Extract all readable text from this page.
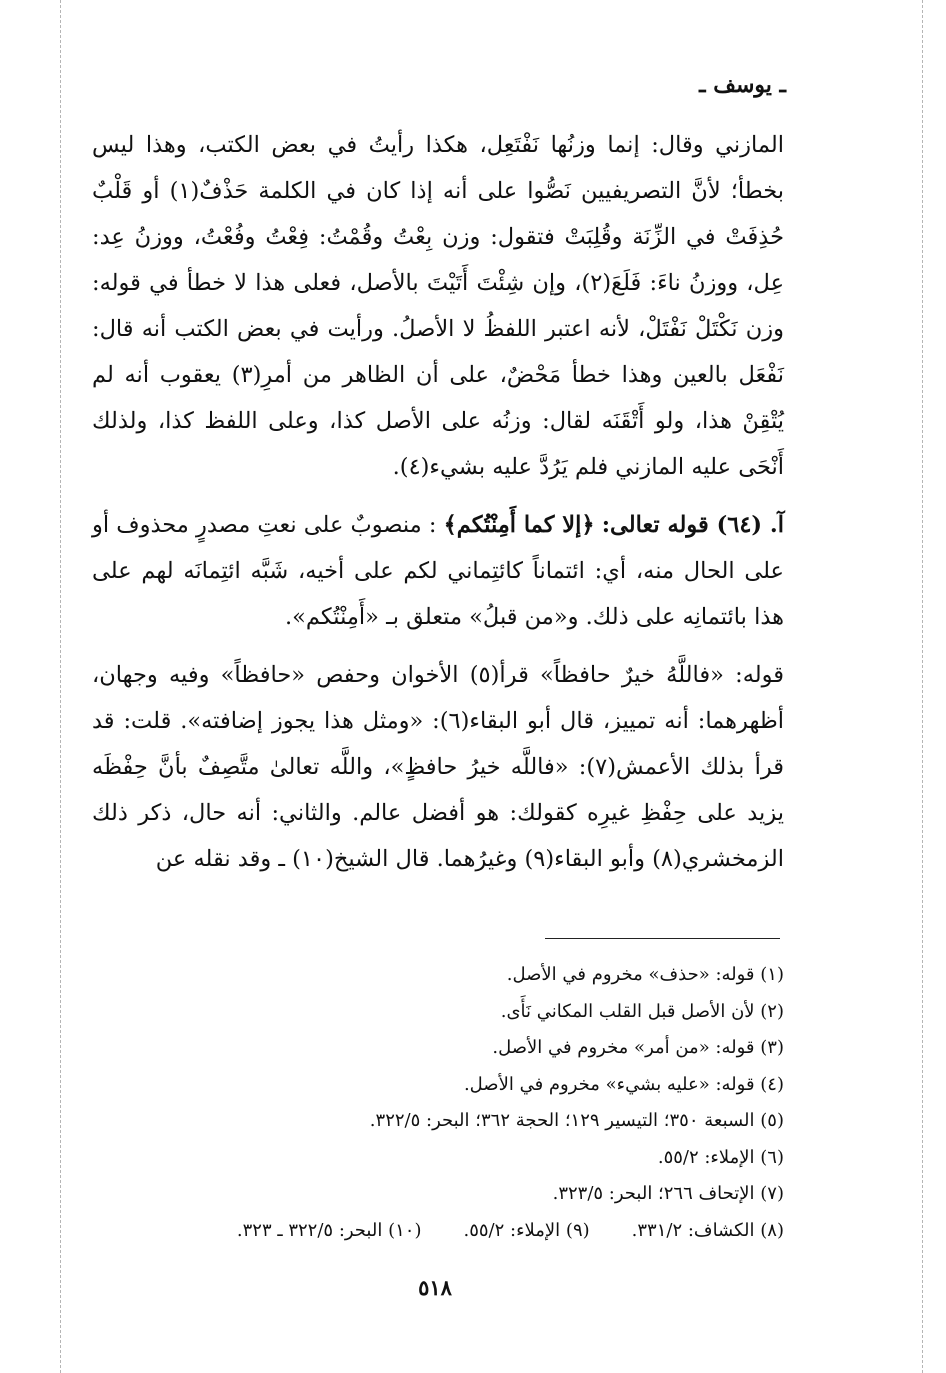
ـ يوسف ـ

المازني وقال: إنما وزنُها نَفْتَعِل، هكذا رأيتُ في بعض الكتب، وهذا ليس بخطأ؛ لأنَّ التصريفيين نَصُّوا على أنه إذا كان في الكلمة حَذْفٌ(١) أو قَلْبٌ حُذِفَتْ في الزِّنَة وقُلِبَتْ فتقول: وزن بِعْتُ وقُمْتُ: فِعْتُ وفُعْتُ، ووزنُ عِد: عِل، ووزنُ ناءَ: فَلَعَ(٢)، وإن شِئْتَ أَتَيْتَ بالأصل، فعلى هذا لا خطأ في قوله: وزن نَكْتَلْ نَفْتَلْ، لأنه اعتبر اللفظُ لا الأصلُ. ورأيت في بعض الكتب أنه قال: نَفْعَل بالعين وهذا خطأ مَحْضٌ، على أن الظاهر من أمرِ(٣) يعقوب أنه لم يُتْقِنْ هذا، ولو أَتْقَنَه لقال: وزنُه على الأصل كذا، وعلى اللفظ كذا، ولذلك أَنْحَى عليه المازني فلم يَرُدَّ عليه بشيء(٤).

آ. (٦٤) قوله تعالى: ﴿إلا كما أَمِنْتُكم﴾ : منصوبٌ على نعتِ مصدرٍ محذوف أو على الحال منه، أي: ائتماناً كائتِماني لكم على أخيه، شَبَّه ائتِمانَه لهم على هذا بائتمانِه على ذلك. و«من قبلُ» متعلق بـ «أَمِنْتُكم».

قوله: «فاللَّهُ خيرٌ حافظاً» قرأ(٥) الأخوان وحفص «حافظاً» وفيه وجهان، أظهرهما: أنه تمييز، قال أبو البقاء(٦): «ومثل هذا يجوز إضافته». قلت: قد قرأ بذلك الأعمش(٧): «فاللَّه خيرُ حافظٍ»، واللَّه تعالىٰ متَّصِفٌ بأنَّ حِفْظَه يزيد على حِفْظِ غيرِه كقولك: هو أفضل عالم. والثاني: أنه حال، ذكر ذلك الزمخشري(٨) وأبو البقاء(٩) وغيرُهما. قال الشيخ(١٠) ـ وقد نقله عن

(١) قوله: «حذف» مخروم في الأصل.
(٢) لأن الأصل قبل القلب المكاني نَأَى.
(٣) قوله: «من أمر» مخروم في الأصل.
(٤) قوله: «عليه بشيء» مخروم في الأصل.
(٥) السبعة ٣٥٠؛ التيسير ١٢٩؛ الحجة ٣٦٢؛ البحر: ٣٢٢/٥.
(٦) الإملاء: ٥٥/٢.
(٧) الإتحاف ٢٦٦؛ البحر: ٣٢٣/٥.
(٨) الكشاف: ٣٣١/٢.
(٩) الإملاء: ٥٥/٢.
(١٠) البحر: ٣٢٢/٥ ـ ٣٢٣.
٥١٨
